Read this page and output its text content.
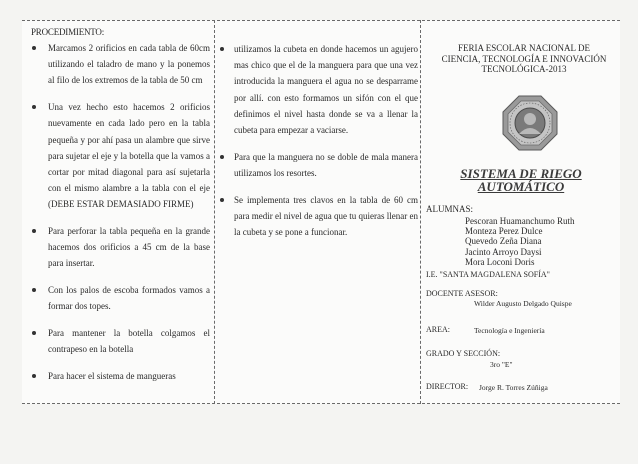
PROCEDIMIENTO:
Marcamos 2 orificios en cada tabla de 60cm utilizando el taladro de mano y la ponemos al filo de los extremos de la tabla de 50 cm
Una vez hecho esto hacemos 2 orificios nuevamente en cada lado pero en la tabla pequeña y por ahí pasa un alambre que sirve para sujetar el eje y la botella que la vamos a cortar por mitad diagonal para así sujetarla con el mismo alambre a la tabla con el eje (DEBE ESTAR DEMASIADO FIRME)
Para perforar la tabla pequeña en la grande hacemos dos orificios a 45 cm de la base para insertar.
Con los palos de escoba formados vamos a formar dos topes.
Para mantener la botella colgamos el contrapeso en la botella
Para hacer el sistema de mangueras
utilizamos la cubeta en donde hacemos un agujero mas chico que el de la manguera para que una vez introducida la manguera el agua no se desparrame por allí. con esto formamos un sifón con el que definimos el nivel hasta donde se va a llenar la cubeta para empezar a vaciarse.
Para que la manguera no se doble de mala manera utilizamos los resortes.
Se implementa tres clavos en la tabla de 60 cm para medir el nivel de agua que tu quieras llenar en la cubeta y se pone a funcionar.
FERIA ESCOLAR NACIONAL DE
CIENCIA, TECNOLOGÍA E INNOVACIÓN
TECNOLÓGICA-2013
SISTEMA DE RIEGO
AUTOMÁTICO
ALUMNAS:
Pescoran Huamanchumo Ruth
Monteza Perez Dulce
Quevedo Zeña Diana
Jacinto Arroyo Daysi
Mora Loconi Doris
I.E. "SANTA MAGDALENA SOFÍA"
DOCENTE ASESOR:
Wilder Augusto Delgado Quispe
AREA:	Tecnología e Ingeniería
GRADO Y SECCIÓN:
3ro "E"
DIRECTOR: Jorge R. Torres Zúñiga
